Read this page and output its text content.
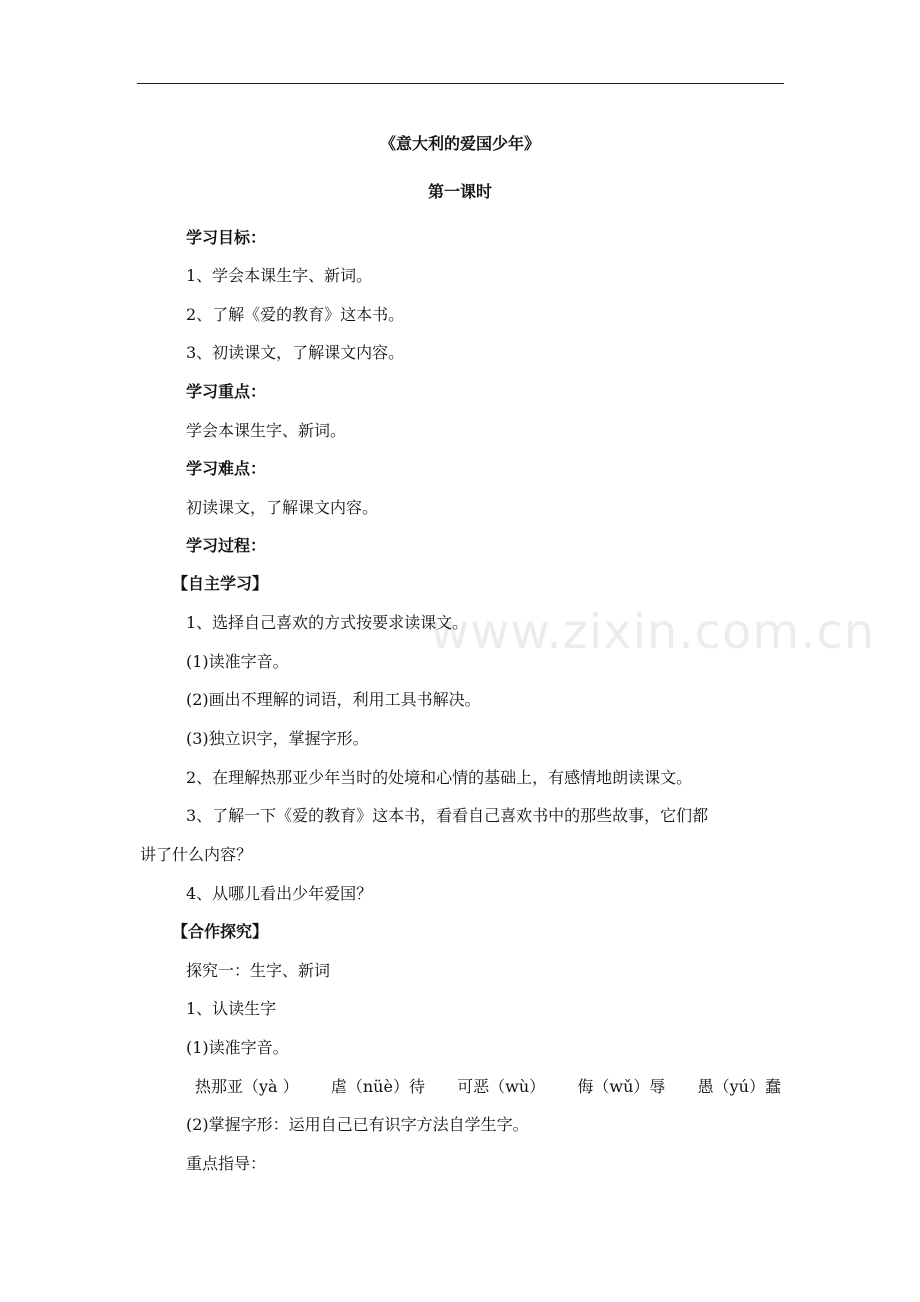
《意大利的爱国少年》
第一课时
学习目标：
1、学会本课生字、新词。
2、了解《爱的教育》这本书。
3、初读课文，了解课文内容。
学习重点：
学会本课生字、新词。
学习难点：
初读课文，了解课文内容。
学习过程：
【自主学习】
1、选择自己喜欢的方式按要求读课文。
(1)读准字音。
(2)画出不理解的词语，利用工具书解决。
(3)独立识字，掌握字形。
2、在理解热那亚少年当时的处境和心情的基础上，有感情地朗读课文。
3、了解一下《爱的教育》这本书，看看自己喜欢书中的那些故事，它们都
讲了什么内容？
4、从哪儿看出少年爱国？
【合作探究】
探究一：生字、新词
1、认读生字
(1)读准字音。
热那亚（yà ） 虐（nüè）待 可恶（wù） 侮（wǔ）辱 愚（yú）蠢
(2)掌握字形：运用自己已有识字方法自学生字。
重点指导：
www.zixin.com.cn
